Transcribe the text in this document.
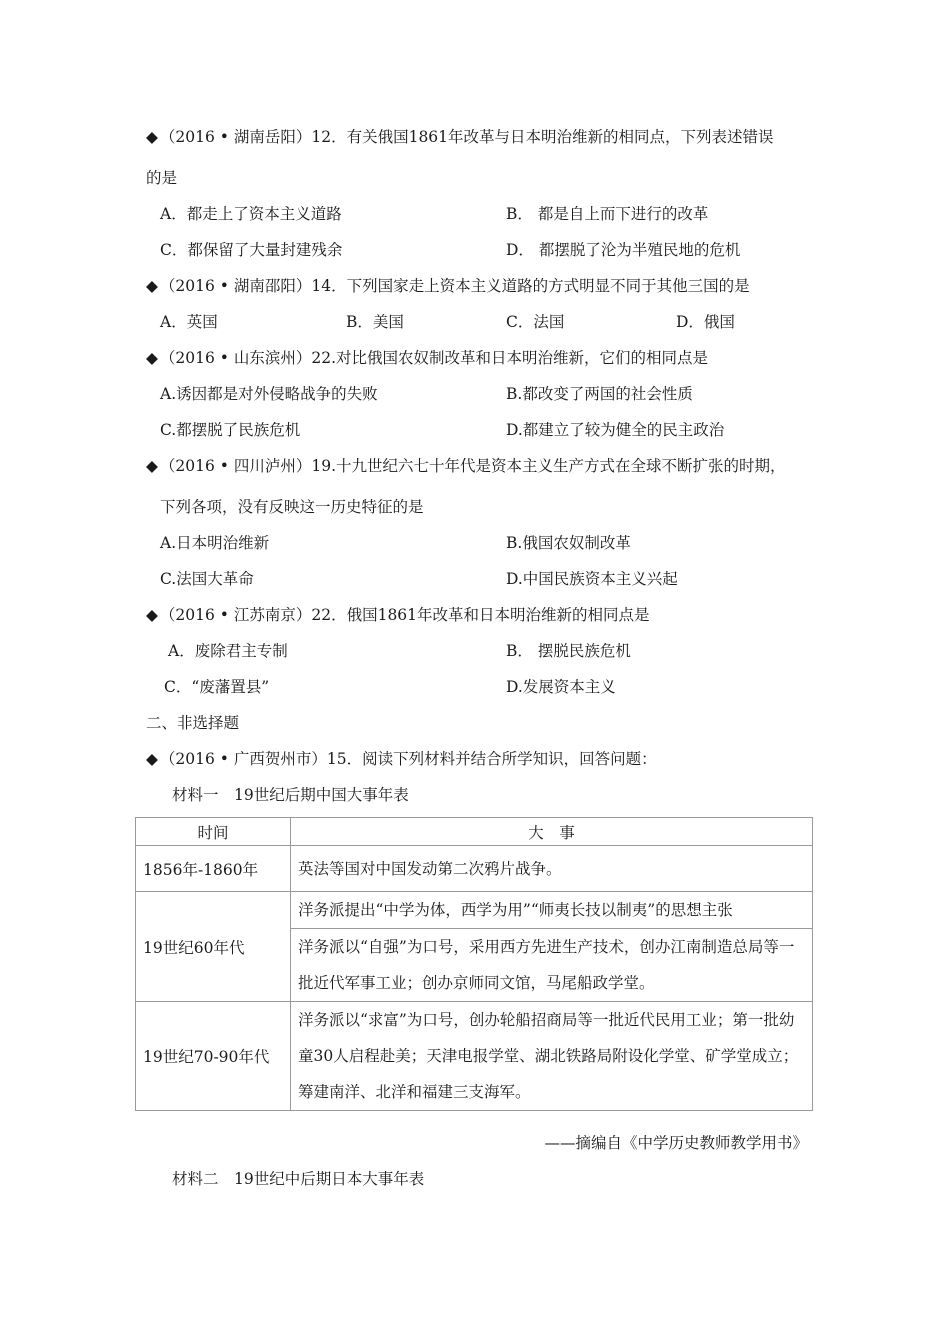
◆ （2016 • 湖南岳阳）12．有关俄国1861年改革与日本明治维新的相同点，下列表述错误
的是
A．都走上了资本主义道路	B． 都是自上而下进行的改革
C．都保留了大量封建残余	D． 都摆脱了沦为半殖民地的危机
◆ （2016 • 湖南邵阳）14．下列国家走上资本主义道路的方式明显不同于其他三国的是
A．英国	B．美国	C．法国	D．俄国
◆ （2016 • 山东滨州）22.对比俄国农奴制改革和日本明治维新，它们的相同点是
A.诱因都是对外侵略战争的失败	B.都改变了两国的社会性质
C.都摆脱了民族危机	D.都建立了较为健全的民主政治
◆ （2016 • 四川泸州）19.十九世纪六七十年代是资本主义生产方式在全球不断扩张的时期，
下列各项，没有反映这一历史特征的是
A.日本明治维新	B.俄国农奴制改革
C.法国大革命	D.中国民族资本主义兴起
◆ （2016 • 江苏南京）22．俄国1861年改革和日本明治维新的相同点是
A．废除君主专制	B． 摆脱民族危机
C．“废藩置县”	D.发展资本主义
二、非选择题
◆ （2016 • 广西贺州市）15．阅读下列材料并结合所学知识，回答问题：
材料一　19世纪后期中国大事年表
时间	大　事
1856年-1860年	英法等国对中国发动第二次鸦片战争。
19世纪60年代	洋务派提出“中学为体，西学为用”“师夷长技以制夷”的思想主张
	洋务派以“自强”为口号，采用西方先进生产技术，创办江南制造总局等一批近代军事工业；创办京师同文馆，马尾船政学堂。
19世纪70-90年代	洋务派以“求富”为口号，创办轮船招商局等一批近代民用工业；第一批幼童30人启程赴美；天津电报学堂、湖北铁路局附设化学堂、矿学堂成立；筹建南洋、北洋和福建三支海军。
——摘编自《中学历史教师教学用书》
材料二　19世纪中后期日本大事年表
